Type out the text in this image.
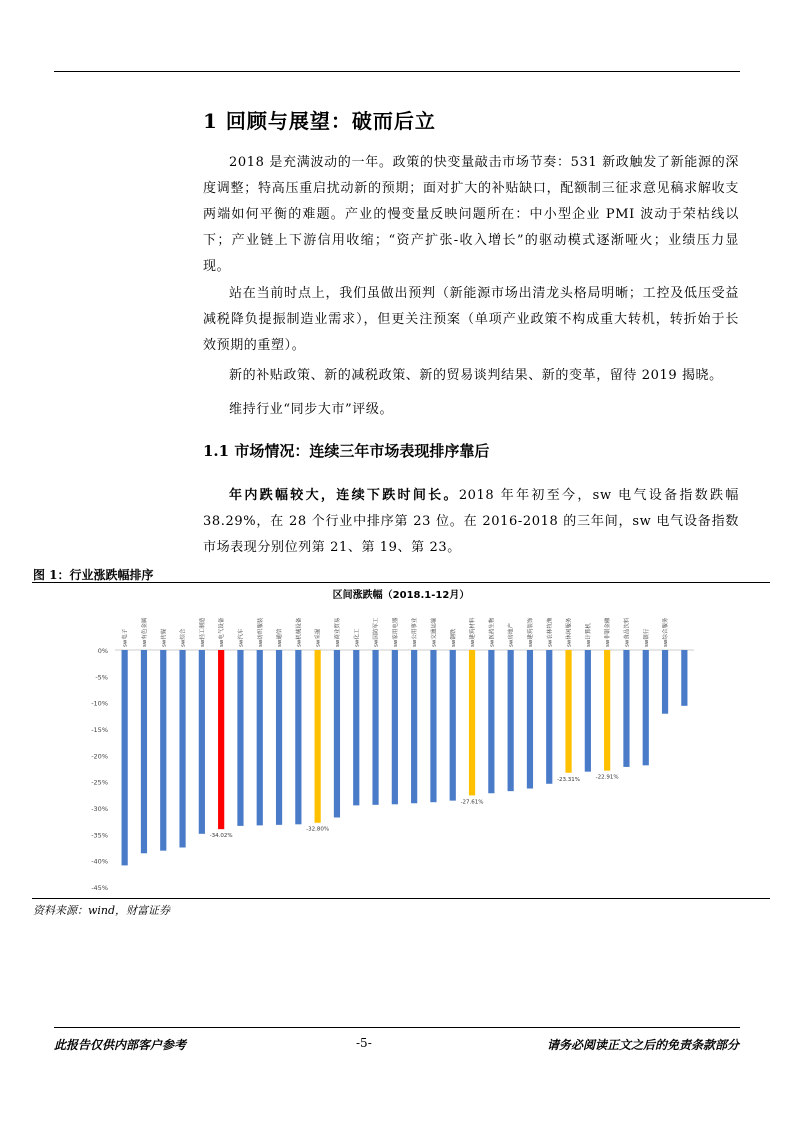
1 回顾与展望：破而后立
2018 是充满波动的一年。政策的快变量敲击市场节奏：531 新政触发了新能源的深度调整；特高压重启扰动新的预期；面对扩大的补贴缺口，配额制三征求意见稿求解收支两端如何平衡的难题。产业的慢变量反映问题所在：中小型企业 PMI 波动于荣枯线以下；产业链上下游信用收缩；“资产扩张-收入增长”的驱动模式逐渐哑火；业绩压力显现。
站在当前时点上，我们虽做出预判（新能源市场出清龙头格局明晰；工控及低压受益减税降负提振制造业需求），但更关注预案（单项产业政策不构成重大转机，转折始于长效预期的重塑）。
新的补贴政策、新的减税政策、新的贸易谈判结果、新的变革，留待 2019 揭晓。
维持行业“同步大市”评级。
1.1 市场情况：连续三年市场表现排序靠后
年内跌幅较大，连续下跌时间长。2018 年年初至今，sw 电气设备指数跌幅 38.29%，在 28 个行业中排序第 23 位。在 2016-2018 的三年间，sw 电气设备指数市场表现分别位列第 21、第 19、第 23。
图 1：行业涨跌幅排序
区间涨跌幅（2018.1-12月）
0%
-5%
-10%
-15%
-20%
-25%
-30%
-35%
-40%
-45%
sw电子	sw有色金属	sw传媒	sw综合	sw轻工制造	sw电气设备
-34.02%
sw汽车	sw纺织服装	sw通信	sw机械设备	sw采掘
-32.80%
sw商业贸易	sw化工	sw国防军工	sw家用电器	sw公用事业	sw交通运输	sw钢铁	sw建筑材料
-27.61%
sw医药生物	sw房地产	sw建筑装饰	sw农林牧渔	sw休闲服务
-23.31%
sw计算机	sw非银金融
-22.91%
sw食品饮料	sw银行	sw综合服务
资料来源：wind，财富证券
此报告仅供内部客户参考	-5-	请务必阅读正文之后的免责条款部分
